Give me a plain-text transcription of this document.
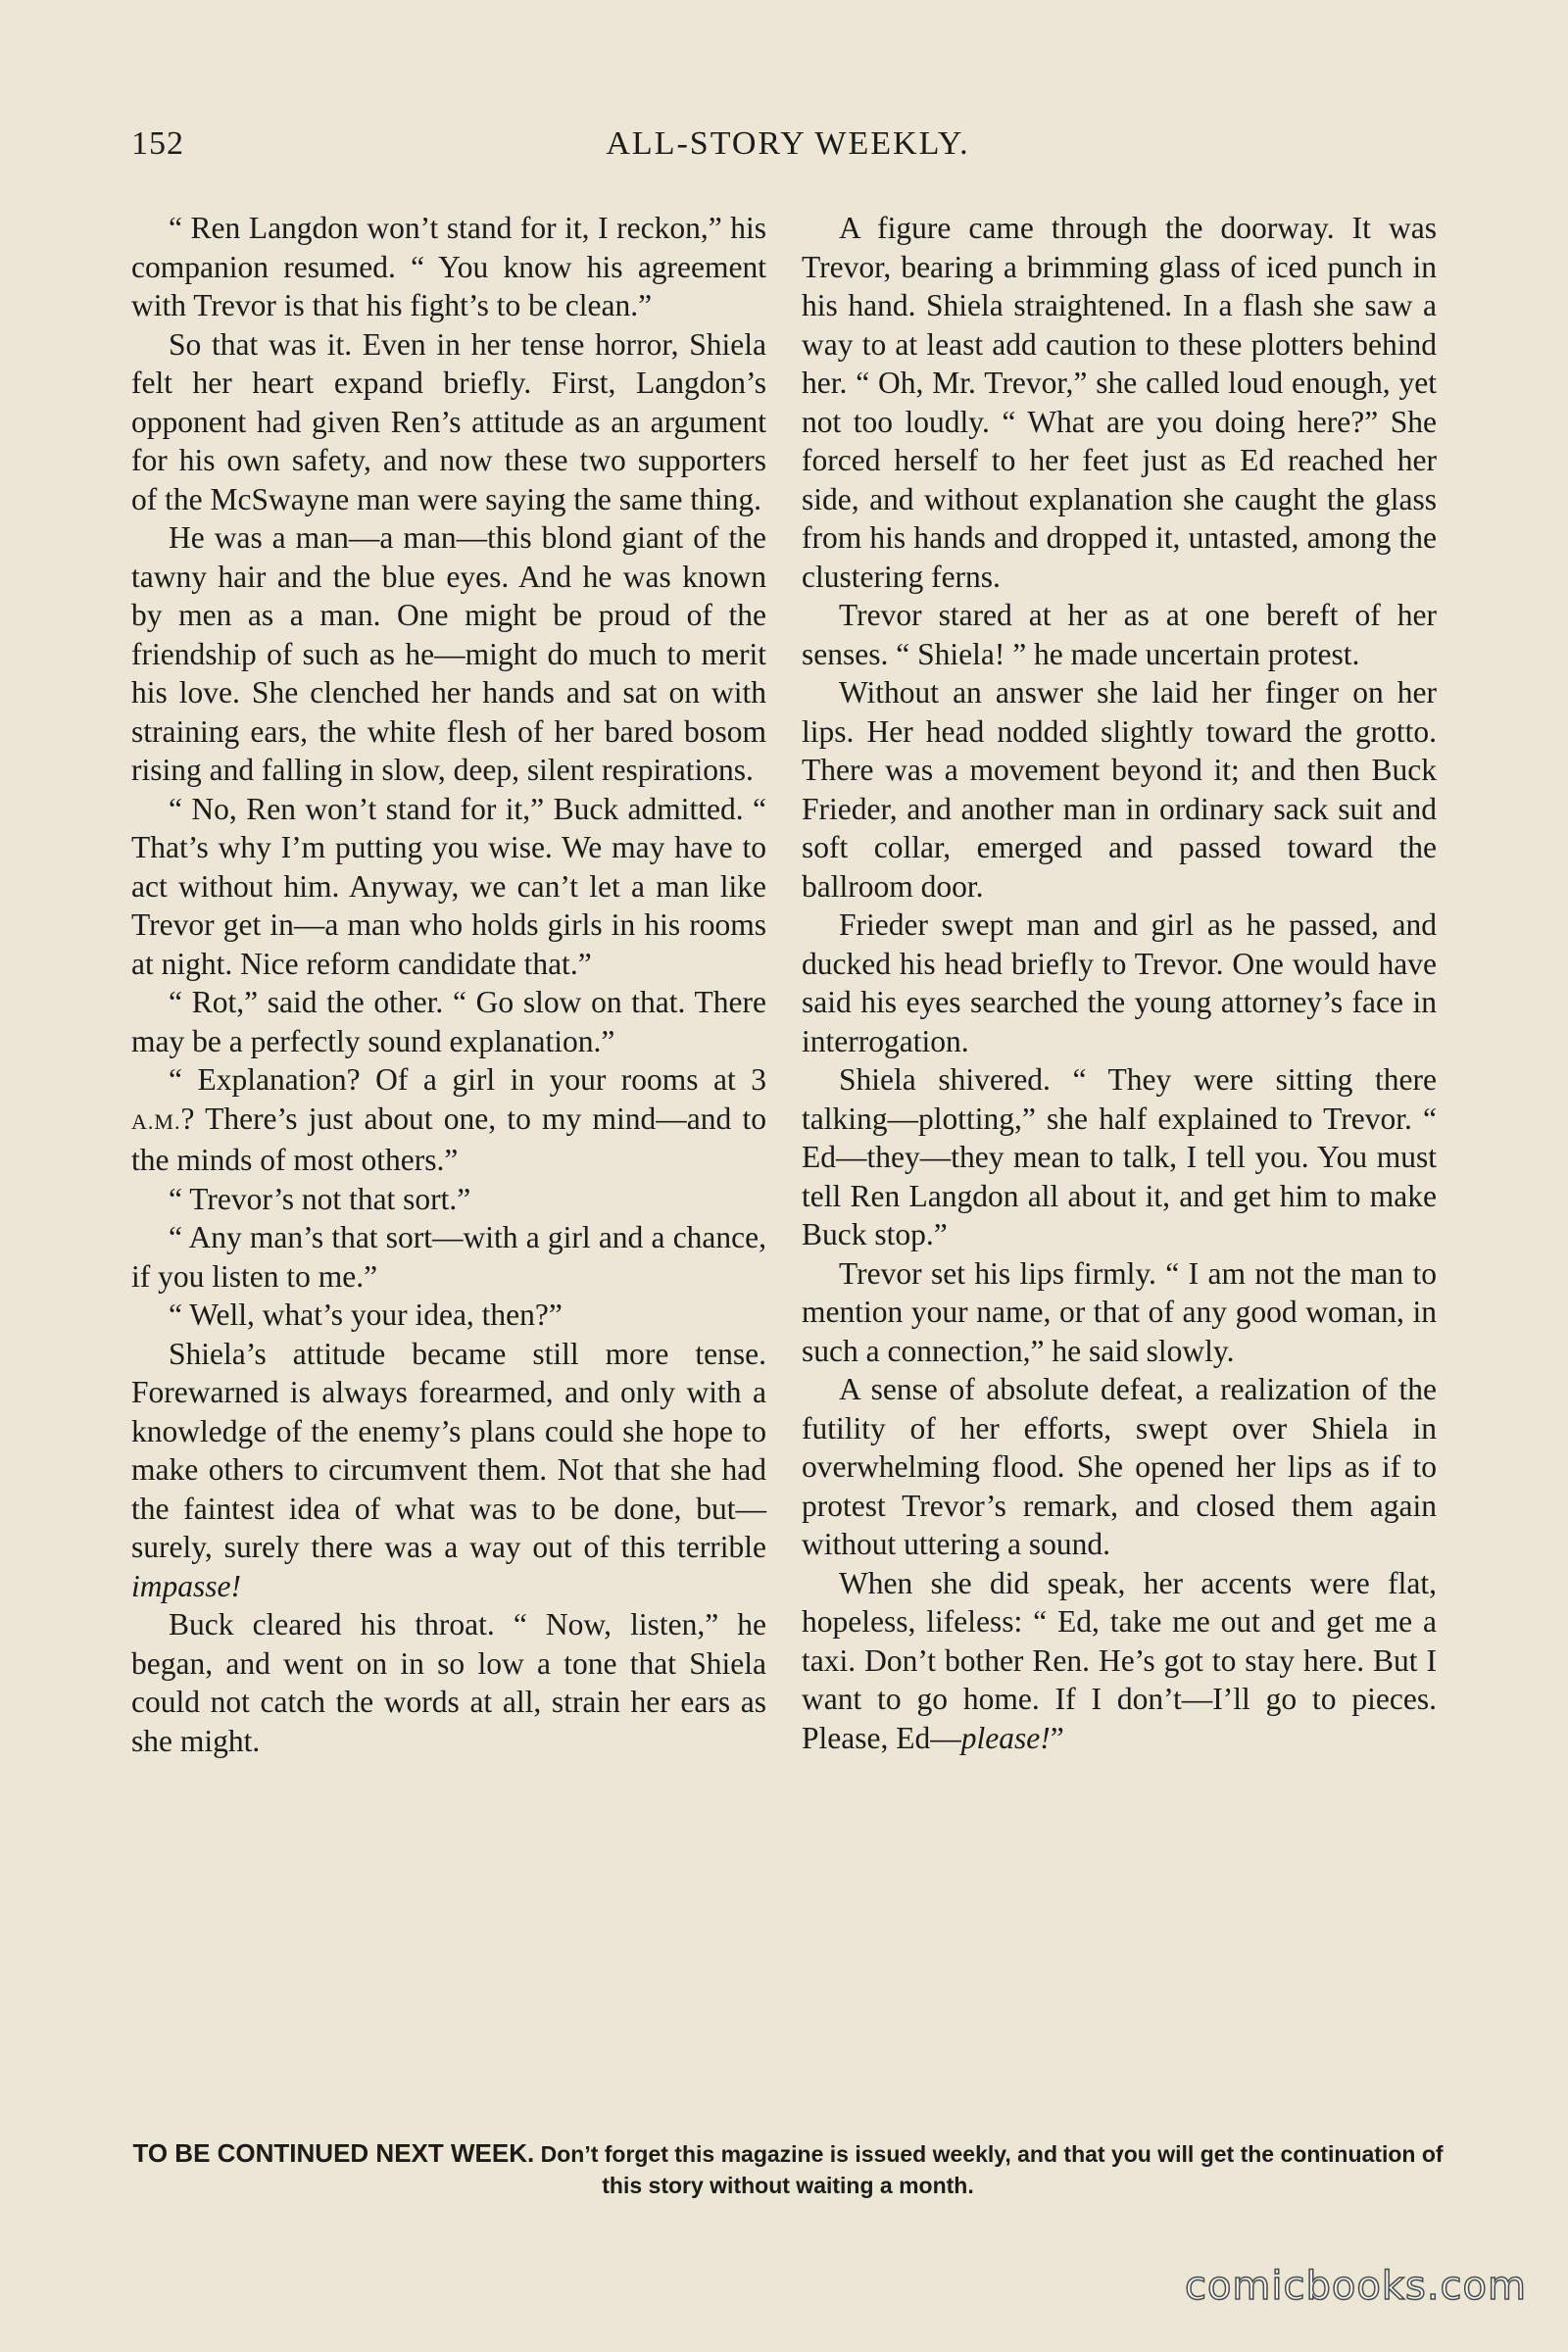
152	ALL-STORY WEEKLY.

“ Ren Langdon won’t stand for it, I reckon,” his companion resumed. “ You know his agreement with Trevor is that his fight’s to be clean.”

So that was it. Even in her tense horror, Shiela felt her heart expand briefly. First, Langdon’s opponent had given Ren’s attitude as an argument for his own safety, and now these two supporters of the McSwayne man were saying the same thing.

He was a man—a man—this blond giant of the tawny hair and the blue eyes. And he was known by men as a man. One might be proud of the friendship of such as he—might do much to merit his love. She clenched her hands and sat on with straining ears, the white flesh of her bared bosom rising and falling in slow, deep, silent respirations.

“ No, Ren won’t stand for it,” Buck admitted. “ That’s why I’m putting you wise. We may have to act without him. Anyway, we can’t let a man like Trevor get in—a man who holds girls in his rooms at night. Nice reform candidate that.”

“ Rot,” said the other. “ Go slow on that. There may be a perfectly sound explanation.”

“ Explanation? Of a girl in your rooms at 3 A.M.? There’s just about one, to my mind—and to the minds of most others.”

“ Trevor’s not that sort.”

“ Any man’s that sort—with a girl and a chance, if you listen to me.”

“ Well, what’s your idea, then?”

Shiela’s attitude became still more tense. Forewarned is always forearmed, and only with a knowledge of the enemy’s plans could she hope to make others to circumvent them. Not that she had the faintest idea of what was to be done, but—surely, surely there was a way out of this terrible impasse!

Buck cleared his throat. “ Now, listen,” he began, and went on in so low a tone that Shiela could not catch the words at all, strain her ears as she might.

A figure came through the doorway. It was Trevor, bearing a brimming glass of iced punch in his hand. Shiela straightened. In a flash she saw a way to at least add caution to these plotters behind her. “ Oh, Mr. Trevor,” she called loud enough, yet not too loudly. “ What are you doing here?” She forced herself to her feet just as Ed reached her side, and without explanation she caught the glass from his hands and dropped it, untasted, among the clustering ferns.

Trevor stared at her as at one bereft of her senses. “ Shiela! ” he made uncertain protest.

Without an answer she laid her finger on her lips. Her head nodded slightly toward the grotto. There was a movement beyond it; and then Buck Frieder, and another man in ordinary sack suit and soft collar, emerged and passed toward the ballroom door.

Frieder swept man and girl as he passed, and ducked his head briefly to Trevor. One would have said his eyes searched the young attorney’s face in interrogation.

Shiela shivered. “ They were sitting there talking—plotting,” she half explained to Trevor. “ Ed—they—they mean to talk, I tell you. You must tell Ren Langdon all about it, and get him to make Buck stop.”

Trevor set his lips firmly. “ I am not the man to mention your name, or that of any good woman, in such a connection,” he said slowly.

A sense of absolute defeat, a realization of the futility of her efforts, swept over Shiela in overwhelming flood. She opened her lips as if to protest Trevor’s remark, and closed them again without uttering a sound.

When she did speak, her accents were flat, hopeless, lifeless: “ Ed, take me out and get me a taxi. Don’t bother Ren. He’s got to stay here. But I want to go home. If I don’t—I’ll go to pieces. Please, Ed—please!”

TO BE CONTINUED NEXT WEEK. Don’t forget this magazine is issued weekly, and that you will get the continuation of this story without waiting a month.
comicbooks.com
